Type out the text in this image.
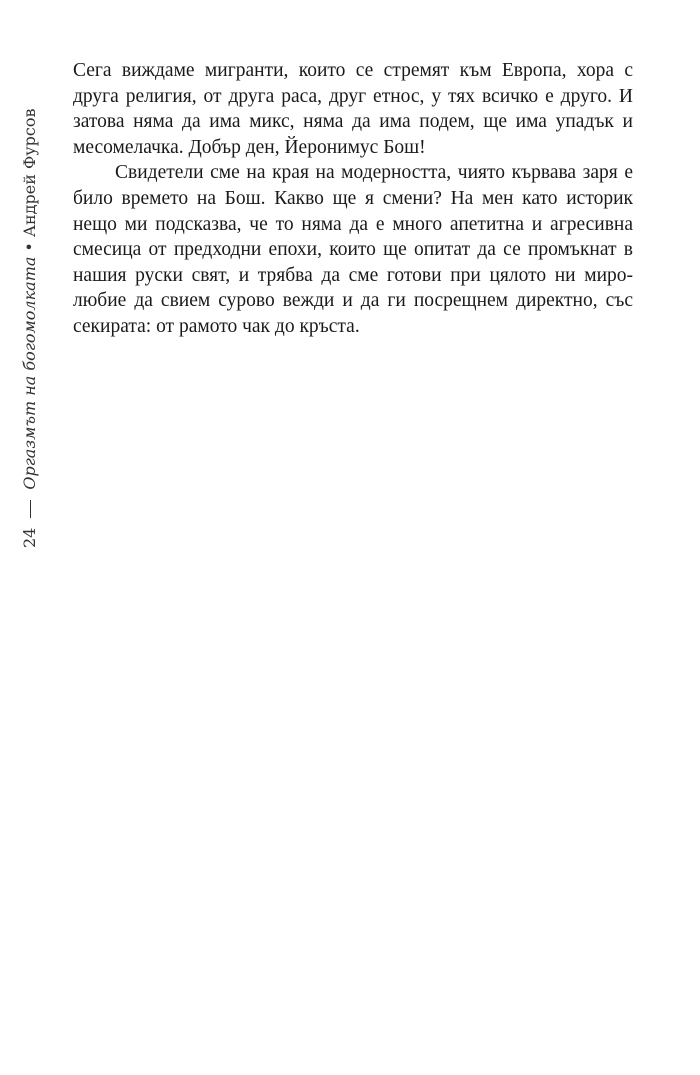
24Оргазмът на богомолката•Андрей Фурсов

Сега виждаме мигранти, които се стремят към Европа, хора с друга религия, от друга раса, друг етнос, у тях всичко е друго. И затова няма да има микс, няма да има подем, ще има упадък и месомелачка. Добър ден, Йеронимус Бош!

Свидетели сме на края на модерността, чиято кървава заря е било времето на Бош. Какво ще я смени? На мен като историк нещо ми подсказва, че то няма да е много апетитна и агресивна смесица от предходни епохи, които ще опитат да се промъкнат в нашия руски свят, и трябва да сме готови при цялото ни миро-любие да свием сурово вежди и да ги посрещнем директно, със секирата: от рамото чак до кръста.
